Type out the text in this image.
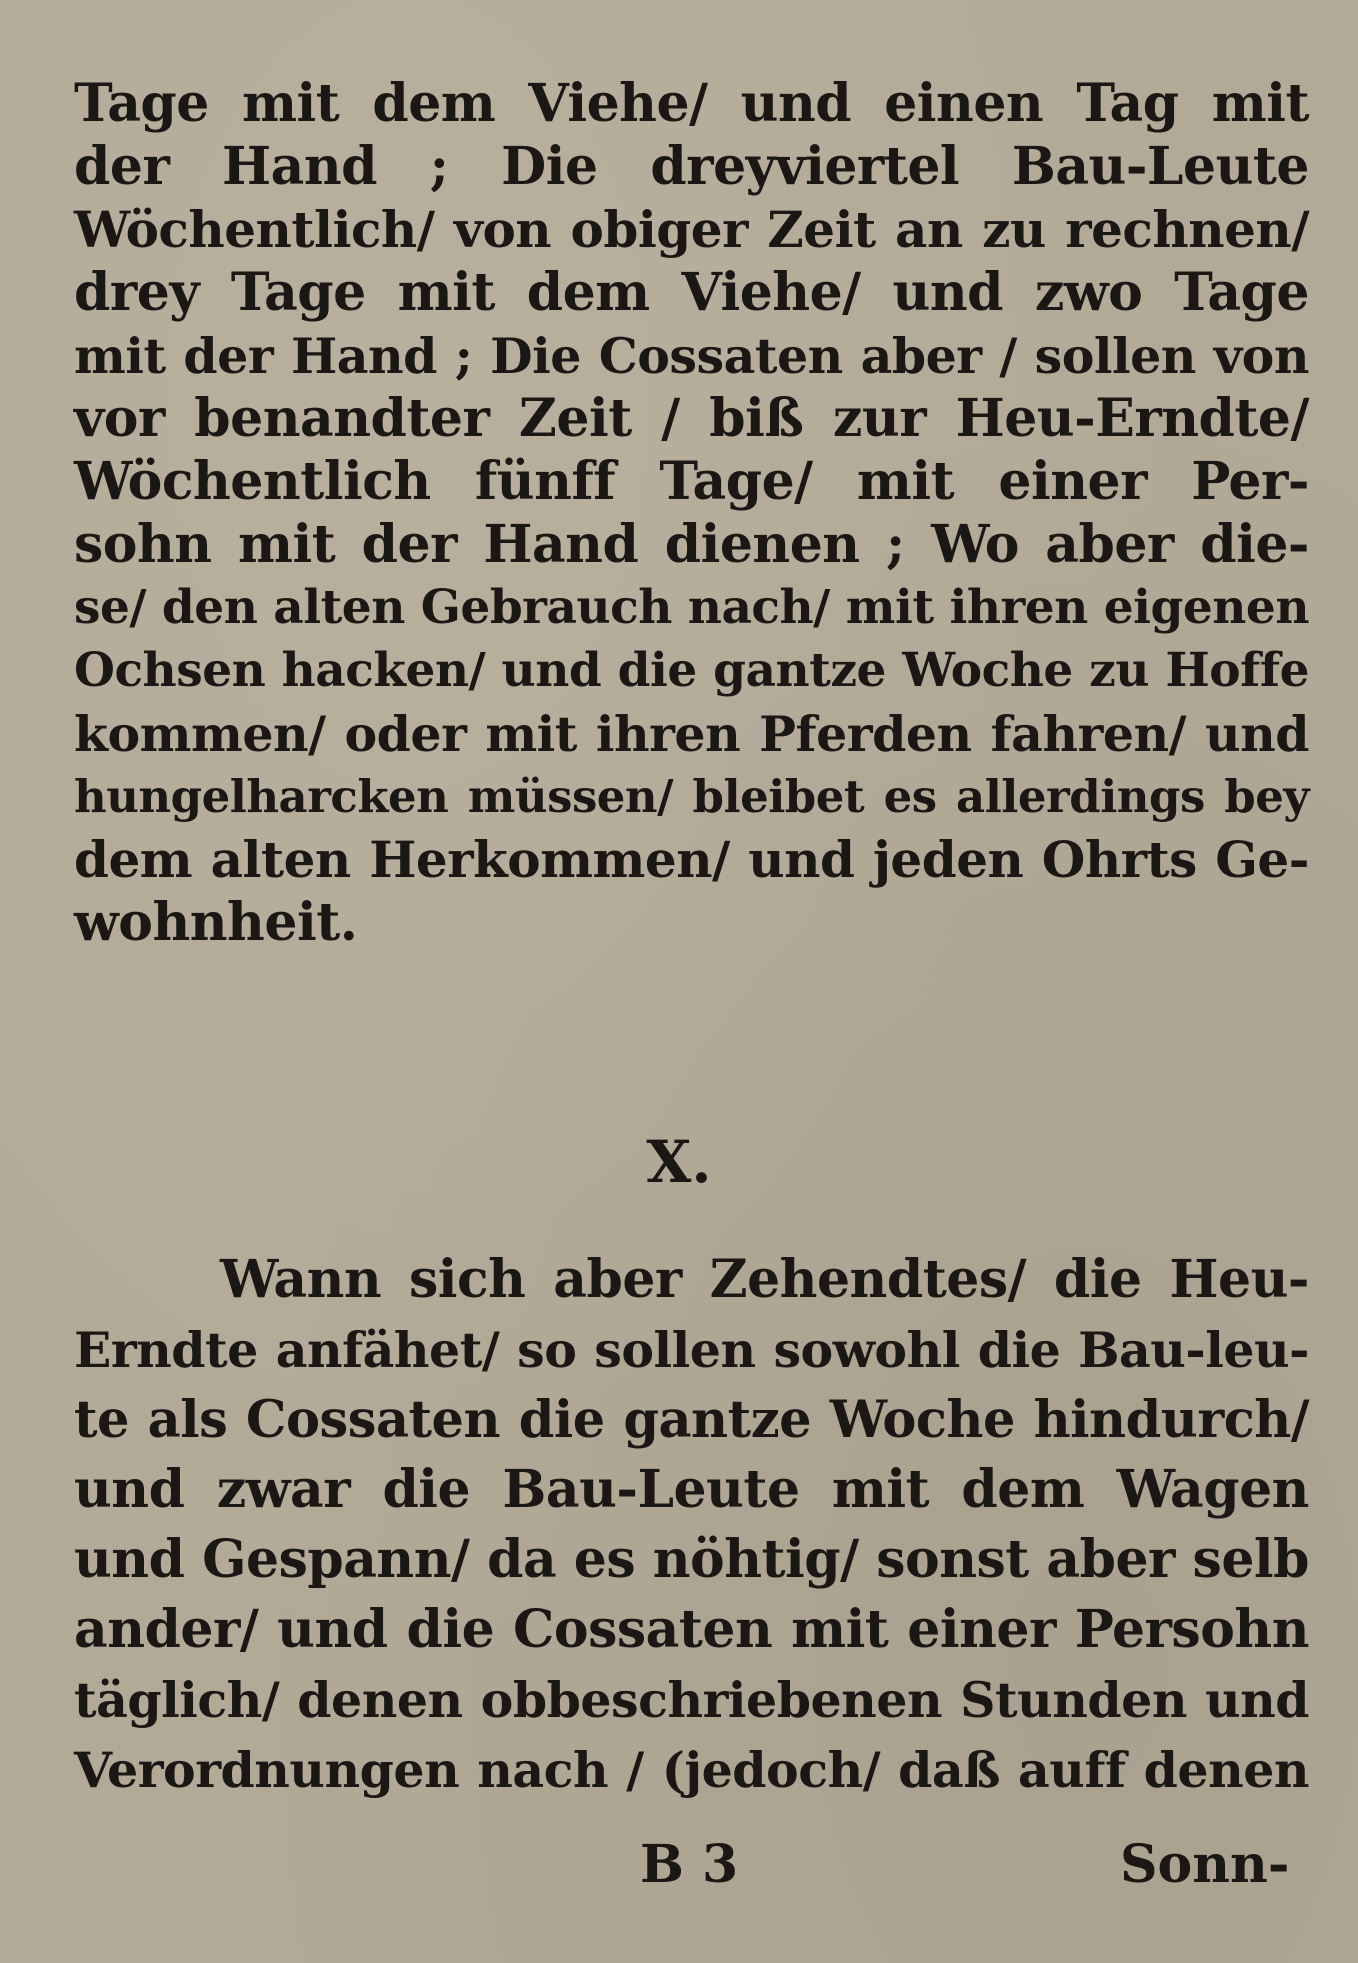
Tage mit dem Viehe/ und einen Tag mit

der Hand ; Die dreyviertel Bau-Leute

Wöchentlich/ von obiger Zeit an zu rechnen/

drey Tage mit dem Viehe/ und zwo Tage

mit der Hand ; Die Cossaten aber / sollen von

vor benandter Zeit / biß zur Heu-Erndte/

Wöchentlich fünff Tage/ mit einer Per-

sohn mit der Hand dienen ; Wo aber die-

se/ den alten Gebrauch nach/ mit ihren eigenen

Ochsen hacken/ und die gantze Woche zu Hoffe

kommen/ oder mit ihren Pferden fahren/ und

hungelharcken müssen/ bleibet es allerdings bey

dem alten Herkommen/ und jeden Ohrts Ge-

wohnheit.

X.

Wann sich aber Zehendtes/ die Heu-

Erndte anfähet/ so sollen sowohl die Bau-leu-

te als Cossaten die gantze Woche hindurch/

und zwar die Bau-Leute mit dem Wagen

und Gespann/ da es nöhtig/ sonst aber selb

ander/ und die Cossaten mit einer Persohn

täglich/ denen obbeschriebenen Stunden und

Verordnungen nach / (jedoch/ daß auff denen

B 3	Sonn-
